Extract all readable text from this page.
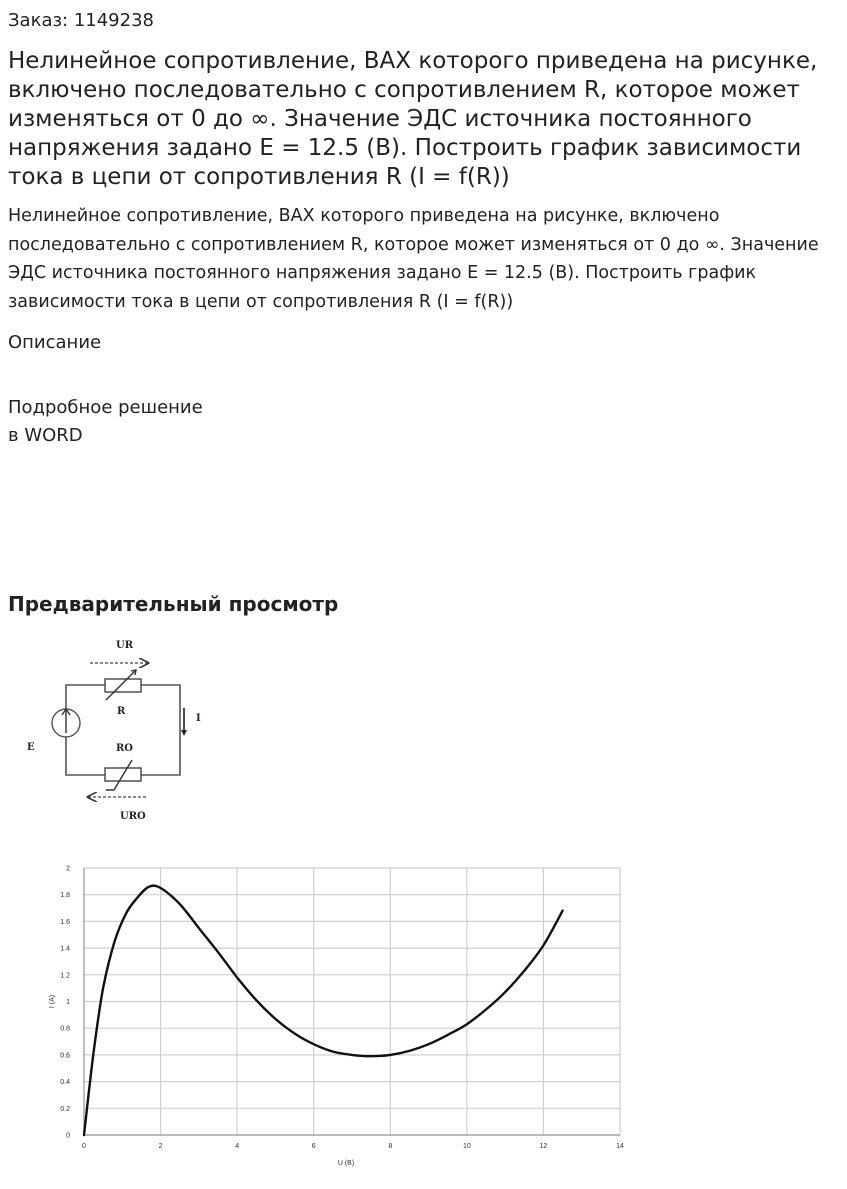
Заказ: 1149238
Нелинейное сопротивление, ВАХ которого приведена на рисунке, включено последовательно с сопротивлением R, которое может изменяться от 0 до ∞. Значение ЭДС источника постоянного напряжения задано E = 12.5 (B). Построить график зависимости тока в цепи от сопротивления R (I = f(R))
Нелинейное сопротивление, ВАХ которого приведена на рисунке, включено последовательно с сопротивлением R, которое может изменяться от 0 до ∞. Значение ЭДС источника постоянного напряжения задано E = 12.5 (B). Построить график зависимости тока в цепи от сопротивления R (I = f(R))
Описание
Подробное решение
в WORD
Предварительный просмотр
UR
R
I
E	RO
URO
0	2	4	6	8	10	12	14
0
0.2
0.4
0.6
0.8
1
1.2
1.4
1.6
1.8
2
U (B)
I (A)
